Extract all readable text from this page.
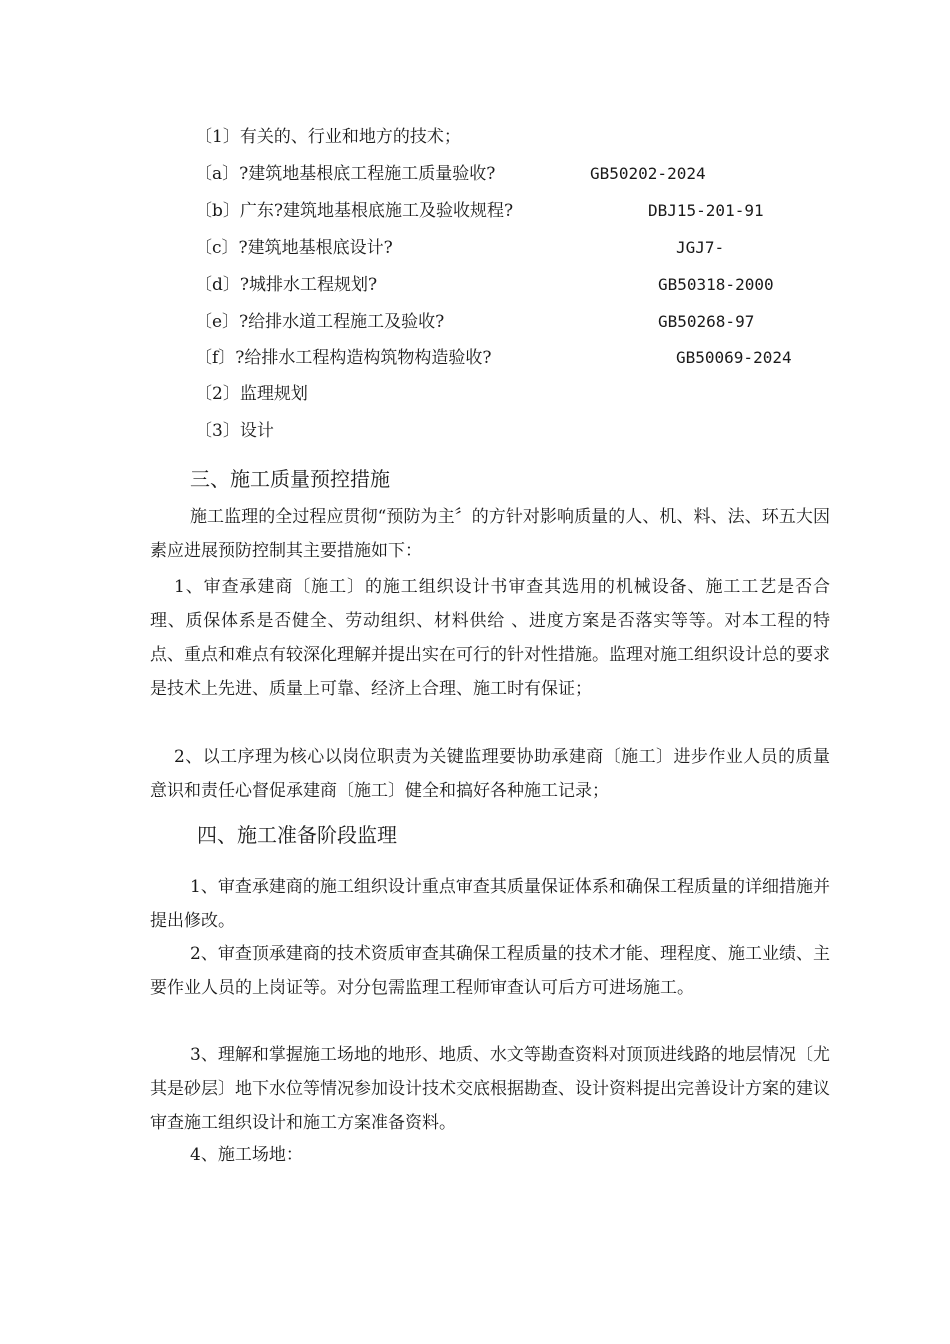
〔1〕有关的、行业和地方的技术；
〔a〕?建筑地基根底工程施工质量验收?	GB50202-2024
〔b〕广东?建筑地基根底施工及验收规程?	DBJ15-201-91
〔c〕?建筑地基根底设计?	JGJ7-
〔d〕?城排水工程规划?	GB50318-2000
〔e〕?给排水道工程施工及验收?	GB50268-97
〔f〕?给排水工程构造构筑物构造验收?	GB50069-2024
〔2〕监理规划
〔3〕设计
三、施工质量预控措施
施工监理的全过程应贯彻“预防为主〞的方针对影响质量的人、机、料、法、环五大因素应进展预防控制其主要措施如下：
1、审查承建商〔施工〕的施工组织设计书审查其选用的机械设备、施工工艺是否合理、质保体系是否健全、劳动组织、材料供给 、进度方案是否落实等等。对本工程的特点、重点和难点有较深化理解并提出实在可行的针对性措施。监理对施工组织设计总的要求是技术上先进、质量上可靠、经济上合理、施工时有保证；
2、以工序理为核心以岗位职责为关键监理要协助承建商〔施工〕进步作业人员的质量意识和责任心督促承建商〔施工〕健全和搞好各种施工记录；
四、施工准备阶段监理
1、审查承建商的施工组织设计重点审查其质量保证体系和确保工程质量的详细措施并提出修改。
2、审查顶承建商的技术资质审查其确保工程质量的技术才能、理程度、施工业绩、主要作业人员的上岗证等。对分包需监理工程师审查认可后方可进场施工。
3、理解和掌握施工场地的地形、地质、水文等勘查资料对顶顶进线路的地层情况〔尤其是砂层〕地下水位等情况参加设计技术交底根据勘查、设计资料提出完善设计方案的建议审查施工组织设计和施工方案准备资料。
4、施工场地：
